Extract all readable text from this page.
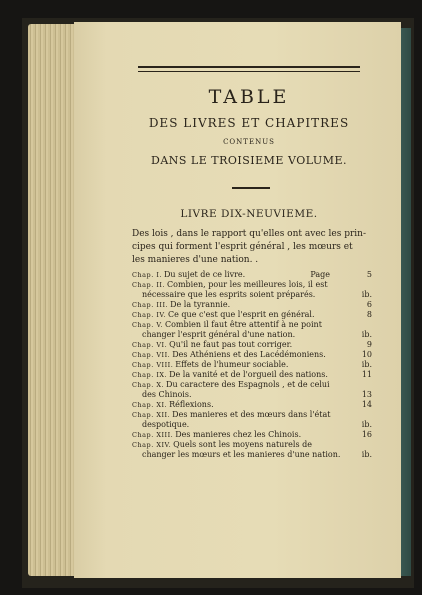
TABLE
DES LIVRES ET CHAPITRES
CONTENUS
DANS LE TROISIEME VOLUME.
LIVRE DIX-NEUVIEME.
Des lois , dans le rapport qu'elles ont avec les prin-
cipes qui forment l'esprit général , les mœurs et
les manieres d'une nation. .
Page
Chap. I. Du sujet de ce livre.	5
Chap. II. Combien, pour les meilleures lois, il est
nécessaire que les esprits soient préparés.	ib.
Chap. III. De la tyrannie.	6
Chap. IV. Ce que c'est que l'esprit en général.	8
Chap. V. Combien il faut être attentif à ne point
changer l'esprit général d'une nation.	ib.
Chap. VI. Qu'il ne faut pas tout corriger.	9
Chap. VII. Des Athéniens et des Lacédémoniens.	10
Chap. VIII. Effets de l'humeur sociable.	ib.
Chap. IX. De la vanité et de l'orgueil des nations.	11
Chap. X. Du caractere des Espagnols , et de celui
des Chinois.	13
Chap. XI. Réflexions.	14
Chap. XII. Des manieres et des mœurs dans l'état
despotique.	ib.
Chap. XIII. Des manieres chez les Chinois.	16
Chap. XIV. Quels sont les moyens naturels de
changer les mœurs et les manieres d'une nation.	ib.
